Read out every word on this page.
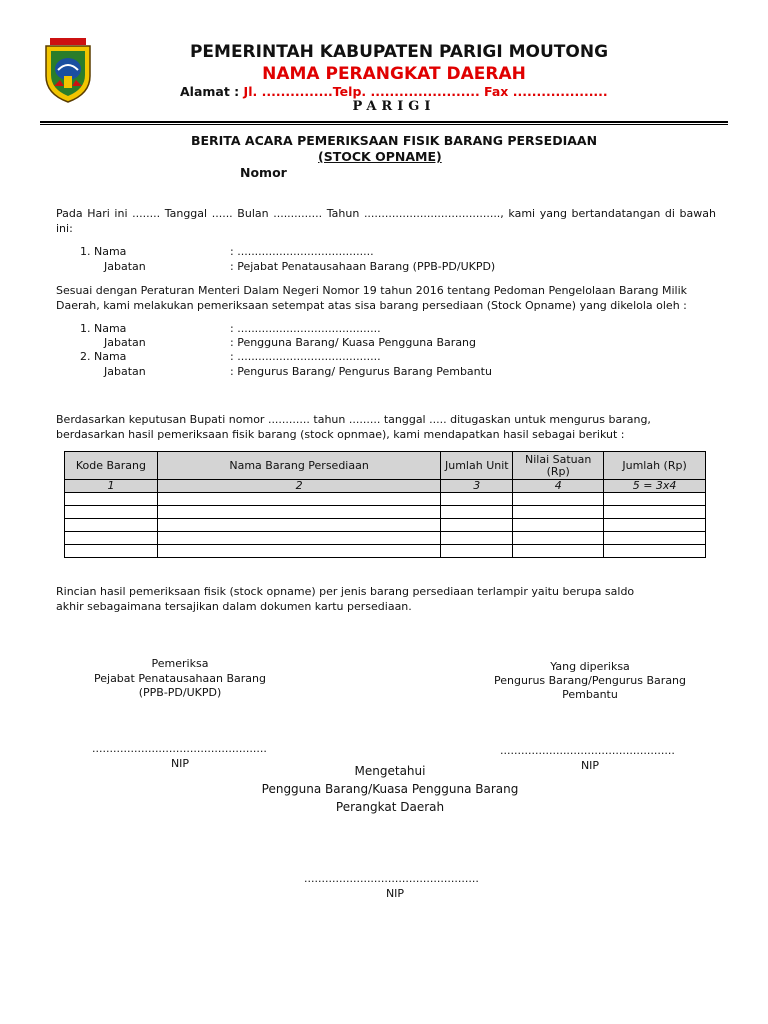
PEMERINTAH KABUPATEN PARIGI MOUTONG
NAMA PERANGKAT DAERAH
Alamat : Jl. ...............Telp. ....................... Fax ....................
PARIGI
BERITA ACARA PEMERIKSAAN FISIK BARANG PERSEDIAAN
(STOCK OPNAME)
Nomor
Pada Hari ini ........ Tanggal ...... Bulan .............. Tahun ......................................., kami yang bertandatangan di bawah ini:
1. Nama	: .......................................
Jabatan	: Pejabat Penatausahaan Barang (PPB-PD/UKPD)
Sesuai dengan Peraturan Menteri Dalam Negeri Nomor 19 tahun 2016 tentang Pedoman Pengelolaan Barang Milik Daerah, kami melakukan pemeriksaan setempat atas sisa barang persediaan (Stock Opname) yang dikelola oleh :
1. Nama	: .........................................
Jabatan	: Pengguna Barang/ Kuasa Pengguna Barang
2. Nama	: .........................................
Jabatan	: Pengurus Barang/ Pengurus Barang Pembantu
Berdasarkan keputusan Bupati nomor ............ tahun ......... tanggal ..... ditugaskan untuk mengurus barang, berdasarkan hasil pemeriksaan fisik barang (stock opnmae), kami mendapatkan hasil sebagai berikut :
Kode Barang	Nama Barang Persediaan	Jumlah Unit	Nilai Satuan (Rp)	Jumlah (Rp)
1	2	3	4	5 = 3x4

Rincian hasil pemeriksaan fisik (stock opname) per jenis barang persediaan terlampir yaitu berupa saldo akhir sebagaimana tersajikan dalam dokumen kartu persediaan.
Pemeriksa
Pejabat Penatausahaan Barang (PPB-PD/UKPD)
..................................................
NIP
Yang diperiksa
Pengurus Barang/Pengurus Barang Pembantu
..................................................
NIP
Mengetahui
Pengguna Barang/Kuasa Pengguna Barang
Perangkat Daerah
..................................................
NIP
